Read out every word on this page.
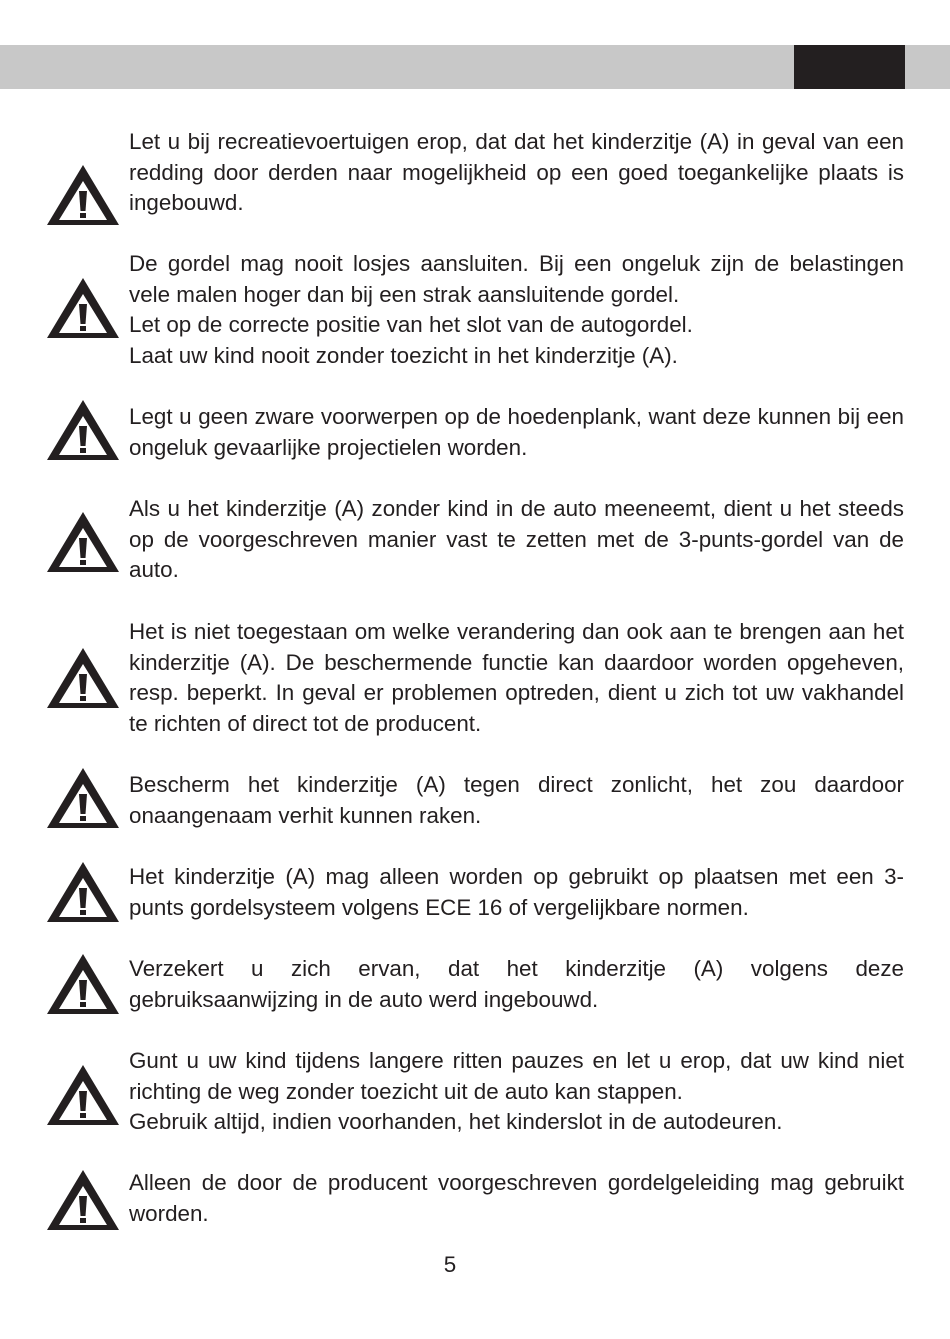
Let u bij recreatievoertuigen erop, dat dat het kinderzitje (A) in geval van een redding door derden naar mogelijkheid op een goed toegankelijke plaats is ingebouwd.

De gordel mag nooit losjes aansluiten. Bij een ongeluk zijn de belastingen vele malen hoger dan bij een strak aansluitende gordel.

Let op de correcte positie van het slot van de autogordel.

Laat uw kind nooit zonder toezicht in het kinderzitje (A).

Legt u geen zware voorwerpen op de hoedenplank, want deze kunnen bij een ongeluk gevaarlijke projectielen worden.

Als u het kinderzitje (A) zonder kind in de auto meeneemt, dient u het steeds op de voorgeschreven manier vast te zetten met de 3-punts-gordel van de auto.

Het is niet toegestaan om welke verandering dan ook aan te brengen aan het kinderzitje (A). De beschermende functie kan daardoor worden opgeheven, resp. beperkt. In geval er problemen optreden, dient u zich tot uw vakhandel te richten of direct tot de producent.

Bescherm het kinderzitje (A) tegen direct zonlicht, het zou daardoor onaangenaam verhit kunnen raken.

Het kinderzitje (A) mag alleen worden op gebruikt op plaatsen met een 3-punts gordelsysteem volgens ECE 16 of vergelijkbare normen.

Verzekert u zich ervan, dat het kinderzitje (A) volgens deze gebruiksaanwijzing in de auto werd ingebouwd.

Gunt u uw kind tijdens langere ritten pauzes en let u erop, dat uw kind niet richting de weg zonder toezicht uit de auto kan stappen.

Gebruik altijd, indien voorhanden, het kinderslot in de autodeuren.

Alleen de door de producent voorgeschreven gordelgeleiding mag gebruikt worden.

5
